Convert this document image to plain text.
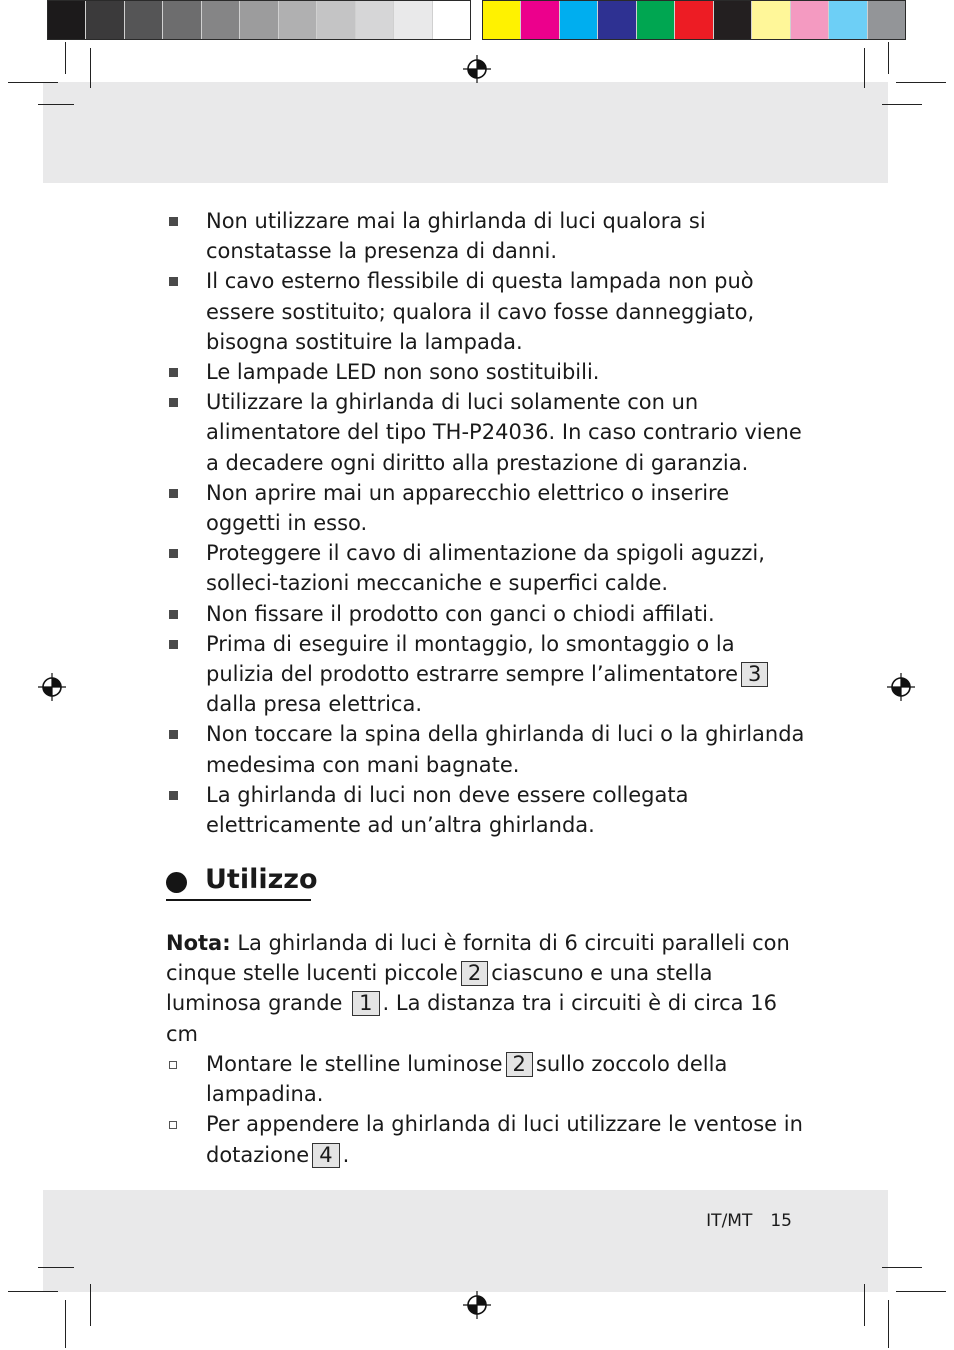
Non utilizzare mai la ghirlanda di luci qualora si constatasse la presenza di danni.
Il cavo esterno flessibile di questa lampada non può essere sostituito; qualora il cavo fosse danneggiato, bisogna sostituire la lampada.
Le lampade LED non sono sostituibili.
Utilizzare la ghirlanda di luci solamente con un alimentatore del tipo TH-P24036. In caso contrario viene a decadere ogni diritto alla prestazione di garanzia.
Non aprire mai un apparecchio elettrico o inserire oggetti in esso.
Proteggere il cavo di alimentazione da spigoli aguzzi, solleci-tazioni meccaniche e superfici calde.
Non fissare il prodotto con ganci o chiodi affilati.
Prima di eseguire il montaggio, lo smontaggio o la pulizia del prodotto estrarre sempre l’alimentatore 3dalla presa elettrica.
Non toccare la spina della ghirlanda di luci o la ghirlanda medesima con mani bagnate.
La ghirlanda di luci non deve essere collegata elettricamente ad un’altra ghirlanda.
Utilizzo
Nota: La ghirlanda di luci è fornita di 6 circuiti paralleli con cinque stelle lucenti piccole 2 ciascuno e una stella luminosa grande 1 . La distanza tra i circuiti è di circa 16 cm
Montare le stelline luminose 2 sullo zoccolo della lampadina.
Per appendere la ghirlanda di luci utilizzare le ventose in dotazione 4 .
IT/MT 15
